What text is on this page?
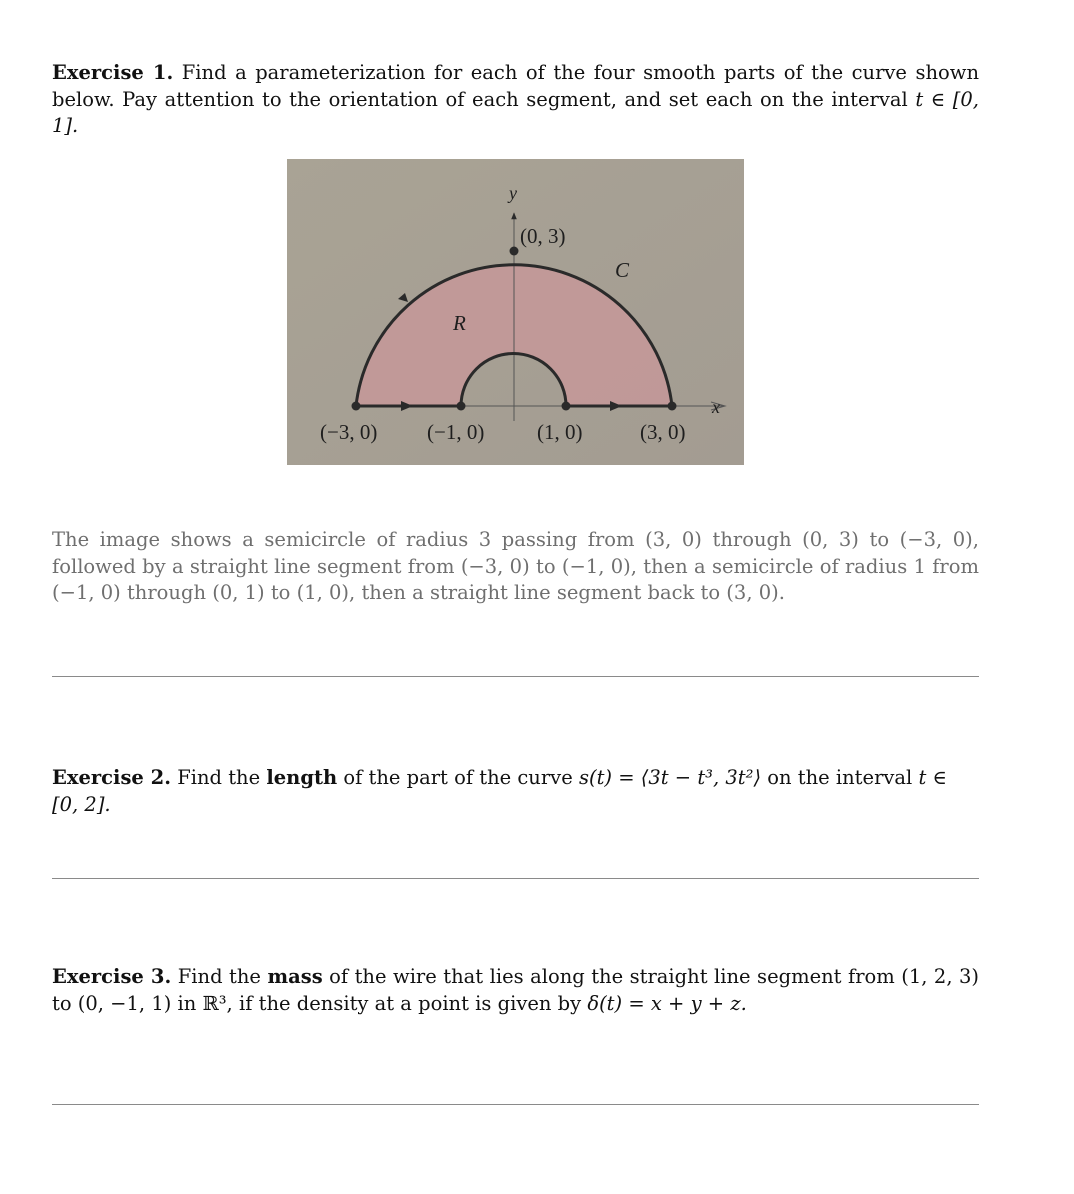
Exercise 1. Find a parameterization for each of the four smooth parts of the curve shown below. Pay attention to the orientation of each segment, and set each on the interval t ∈ [0, 1].
y
x
(0, 3)
C
R
(−3, 0) (−1, 0)	(1, 0)	(3, 0)
The image shows a semicircle of radius 3 passing from (3, 0) through (0, 3) to (−3, 0), followed by a straight line segment from (−3, 0) to (−1, 0), then a semicircle of radius 1 from (−1, 0) through (0, 1) to (1, 0), then a straight line segment back to (3, 0).
Exercise 2. Find the length of the part of the curve s(t) = ⟨3t − t³, 3t²⟩ on the interval t ∈ [0, 2].
Exercise 3. Find the mass of the wire that lies along the straight line segment from (1, 2, 3) to (0, −1, 1) in ℝ³, if the density at a point is given by δ(t) = x + y + z.
